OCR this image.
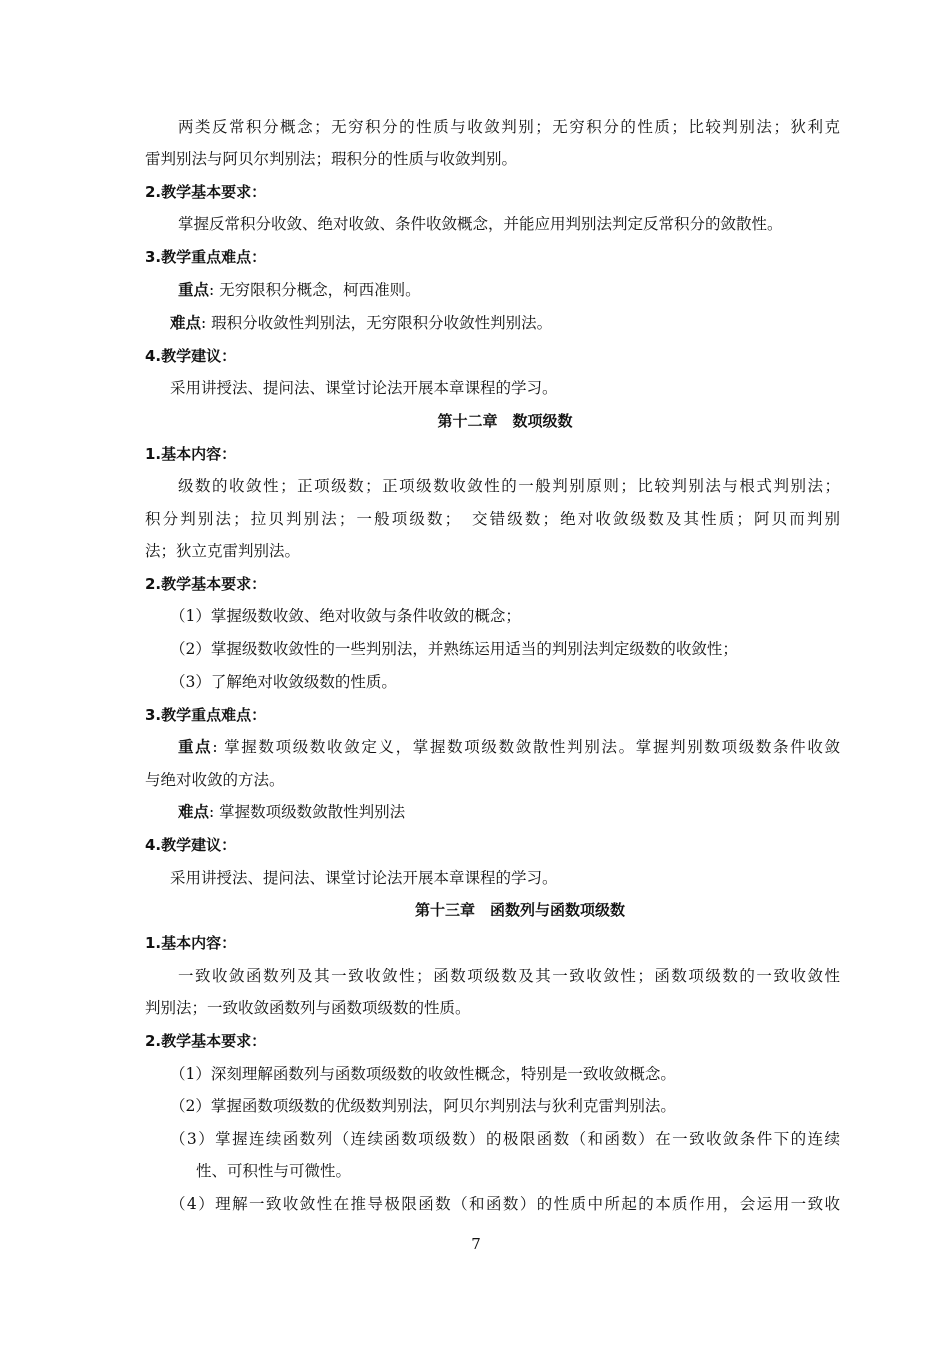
两类反常积分概念；无穷积分的性质与收敛判别；无穷积分的性质；比较判别法；狄利克
雷判别法与阿贝尔判别法；瑕积分的性质与收敛判别。
2.教学基本要求：
掌握反常积分收敛、绝对收敛、条件收敛概念，并能应用判别法判定反常积分的敛散性。
3.教学重点难点：
重点: 无穷限积分概念，柯西准则。
难点: 瑕积分收敛性判别法，无穷限积分收敛性判别法。
4.教学建议：
采用讲授法、提问法、课堂讨论法开展本章课程的学习。
第十二章　数项级数
1.基本内容：
级数的收敛性；正项级数；正项级数收敛性的一般判别原则；比较判别法与根式判别法；
积分判别法；拉贝判别法；一般项级数；　交错级数；绝对收敛级数及其性质；阿贝而判别
法；狄立克雷判别法。
2.教学基本要求：
（1）掌握级数收敛、绝对收敛与条件收敛的概念；
（2）掌握级数收敛性的一些判别法，并熟练运用适当的判别法判定级数的收敛性；
（3）了解绝对收敛级数的性质。
3.教学重点难点：
重点: 掌握数项级数收敛定义，掌握数项级数敛散性判别法。掌握判别数项级数条件收敛
与绝对收敛的方法。
难点: 掌握数项级数敛散性判别法
4.教学建议：
采用讲授法、提问法、课堂讨论法开展本章课程的学习。
第十三章　函数列与函数项级数
1.基本内容：
一致收敛函数列及其一致收敛性；函数项级数及其一致收敛性；函数项级数的一致收敛性
判别法；一致收敛函数列与函数项级数的性质。
2.教学基本要求：
（1）深刻理解函数列与函数项级数的收敛性概念，特别是一致收敛概念。
（2）掌握函数项级数的优级数判别法，阿贝尔判别法与狄利克雷判别法。
（3）掌握连续函数列（连续函数项级数）的极限函数（和函数）在一致收敛条件下的连续
性、可积性与可微性。
（4）理解一致收敛性在推导极限函数（和函数）的性质中所起的本质作用，会运用一致收
7
